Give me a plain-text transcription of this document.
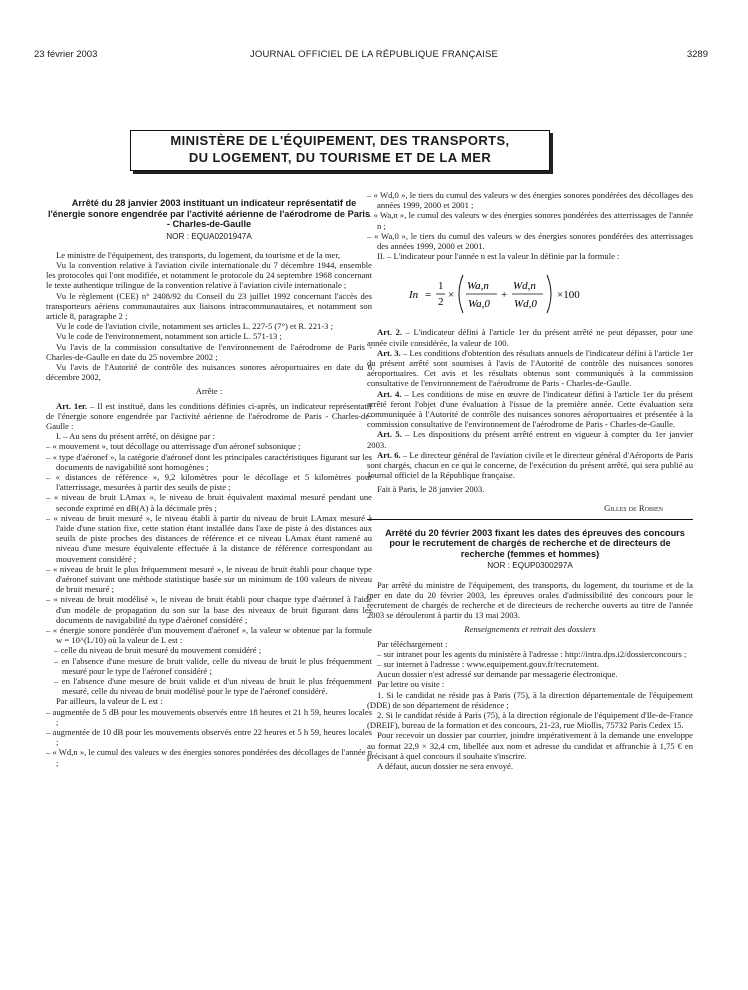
23 février 2003	JOURNAL OFFICIEL DE LA RÉPUBLIQUE FRANÇAISE	3289
MINISTÈRE DE L'ÉQUIPEMENT, DES TRANSPORTS,
DU LOGEMENT, DU TOURISME ET DE LA MER

Arrêté du 28 janvier 2003 instituant un indicateur représentatif de l'énergie sonore engendrée par l'activité aérienne de l'aérodrome de Paris - Charles-de-Gaulle

NOR : EQUA0201947A

Le ministre de l'équipement, des transports, du logement, du tourisme et de la mer,

Vu la convention relative à l'aviation civile internationale du 7 décembre 1944, ensemble les protocoles qui l'ont modifiée, et notamment le protocole du 24 septembre 1968 concernant le texte authentique trilingue de la convention relative à l'aviation civile internationale ;

Vu le règlement (CEE) n° 2408/92 du Conseil du 23 juillet 1992 concernant l'accès des transporteurs aériens communautaires aux liaisons intracommunautaires, et notamment son article 8, paragraphe 2 ;

Vu le code de l'aviation civile, notamment ses articles L. 227-5 (7°) et R. 221-3 ;

Vu le code de l'environnement, notamment son article L. 571-13 ;

Vu l'avis de la commission consultative de l'environnement de l'aérodrome de Paris - Charles-de-Gaulle en date du 25 novembre 2002 ;

Vu l'avis de l'Autorité de contrôle des nuisances sonores aéroportuaires en date du 6 décembre 2002,

Arrête :

Art. 1er. – Il est institué, dans les conditions définies ci-après, un indicateur représentatif de l'énergie sonore engendrée par l'activité aérienne de l'aérodrome de Paris - Charles-de-Gaulle :

I. – Au sens du présent arrêté, on désigne par :

– « mouvement », tout décollage ou atterrissage d'un aéronef subsonique ;

– « type d'aéronef », la catégorie d'aéronef dont les principales caractéristiques figurant sur les documents de navigabilité sont homogènes ;

– « distances de référence », 9,2 kilomètres pour le décollage et 5 kilomètres pour l'atterrissage, mesurées à partir des seuils de piste ;

– « niveau de bruit LAmax », le niveau de bruit équivalent maximal mesuré pendant une seconde exprimé en dB(A) à la décimale près ;

– « niveau de bruit mesuré », le niveau établi à partir du niveau de bruit LAmax mesuré à l'aide d'une station fixe, cette station étant installée dans l'axe de piste à des distances aux seuils de piste proches des distances de référence et ce niveau LAmax étant ramené au niveau d'une mesure équivalente effectuée à la distance de référence correspondant au mouvement considéré ;

– « niveau de bruit le plus fréquemment mesuré », le niveau de bruit établi pour chaque type d'aéronef suivant une méthode statistique basée sur un minimum de 100 valeurs de niveau de bruit mesuré ;

– « niveau de bruit modélisé », le niveau de bruit établi pour chaque type d'aéronef à l'aide d'un modèle de propagation du son sur la base des niveaux de bruit figurant dans les documents de navigabilité du type d'aéronef considéré ;

– « énergie sonore pondérée d'un mouvement d'aéronef », la valeur w obtenue par la formule w = 10^(L/10) où la valeur de L est :

– celle du niveau de bruit mesuré du mouvement considéré ;

– en l'absence d'une mesure de bruit valide, celle du niveau de bruit le plus fréquemment mesuré pour le type de l'aéronef considéré ;

– en l'absence d'une mesure de bruit valide et d'un niveau de bruit le plus fréquemment mesuré, celle du niveau de bruit modélisé pour le type de l'aéronef considéré.

Par ailleurs, la valeur de L est :

– augmentée de 5 dB pour les mouvements observés entre 18 heures et 21 h 59, heures locales ;

– augmentée de 10 dB pour les mouvements observés entre 22 heures et 5 h 59, heures locales ;

– « Wd,n », le cumul des valeurs w des énergies sonores pondérées des décollages de l'année n ;

– « Wd,0 », le tiers du cumul des valeurs w des énergies sonores pondérées des décollages des années 1999, 2000 et 2001 ;

– « Wa,n », le cumul des valeurs w des énergies sonores pondérées des atterrissages de l'année n ;

– « Wa,0 », le tiers du cumul des valeurs w des énergies sonores pondérées des atterrissages des années 1999, 2000 et 2001.

II. – L'indicateur pour l'année n est la valeur In définie par la formule :

In =
1
2
×
Wa,n
Wa,0
+
Wd,n
Wd,0
×100

Art. 2. – L'indicateur défini à l'article 1er du présent arrêté ne peut dépasser, pour une année civile considérée, la valeur de 100.

Art. 3. – Les conditions d'obtention des résultats annuels de l'indicateur défini à l'article 1er du présent arrêté sont soumises à l'avis de l'Autorité de contrôle des nuisances sonores aéroportuaires. Cet avis et les résultats obtenus sont communiqués à la commission consultative de l'environnement de l'aérodrome de Paris - Charles-de-Gaulle.

Art. 4. – Les conditions de mise en œuvre de l'indicateur défini à l'article 1er du présent arrêté feront l'objet d'une évaluation à l'issue de la première année. Cette évaluation sera communiquée à l'Autorité de contrôle des nuisances sonores aéroportuaires et présentée à la commission consultative de l'environnement de l'aérodrome de Paris - Charles-de-Gaulle.

Art. 5. – Les dispositions du présent arrêté entrent en vigueur à compter du 1er janvier 2003.

Art. 6. – Le directeur général de l'aviation civile et le directeur général d'Aéroports de Paris sont chargés, chacun en ce qui le concerne, de l'exécution du présent arrêté, qui sera publié au Journal officiel de la République française.

Fait à Paris, le 28 janvier 2003.

Gilles de Robien

Arrêté du 20 février 2003 fixant les dates des épreuves des concours pour le recrutement de chargés de recherche et de directeurs de recherche (femmes et hommes)

NOR : EQUP0300297A

Par arrêté du ministre de l'équipement, des transports, du logement, du tourisme et de la mer en date du 20 février 2003, les épreuves orales d'admissibilité des concours pour le recrutement de chargés de recherche et de directeurs de recherche ouverts au titre de l'année 2003 se dérouleront à partir du 13 mai 2003.

Renseignements et retrait des dossiers

Par téléchargement :

– sur intranet pour les agents du ministère à l'adresse : http://intra.dps.i2/dossierconcours ;

– sur internet à l'adresse : www.equipement.gouv.fr/recrutement.

Aucun dossier n'est adressé sur demande par messagerie électronique.

Par lettre ou visite :

1. Si le candidat ne réside pas à Paris (75), à la direction départementale de l'équipement (DDE) de son département de résidence ;

2. Si le candidat réside à Paris (75), à la direction régionale de l'équipement d'Ile-de-France (DREIF), bureau de la formation et des concours, 21-23, rue Miollis, 75732 Paris Cedex 15.

Pour recevoir un dossier par courrier, joindre impérativement à la demande une enveloppe au format 22,9 × 32,4 cm, libellée aux nom et adresse du candidat et affranchie à 1,75 € en précisant à quel concours il souhaite s'inscrire.

A défaut, aucun dossier ne sera envoyé.
